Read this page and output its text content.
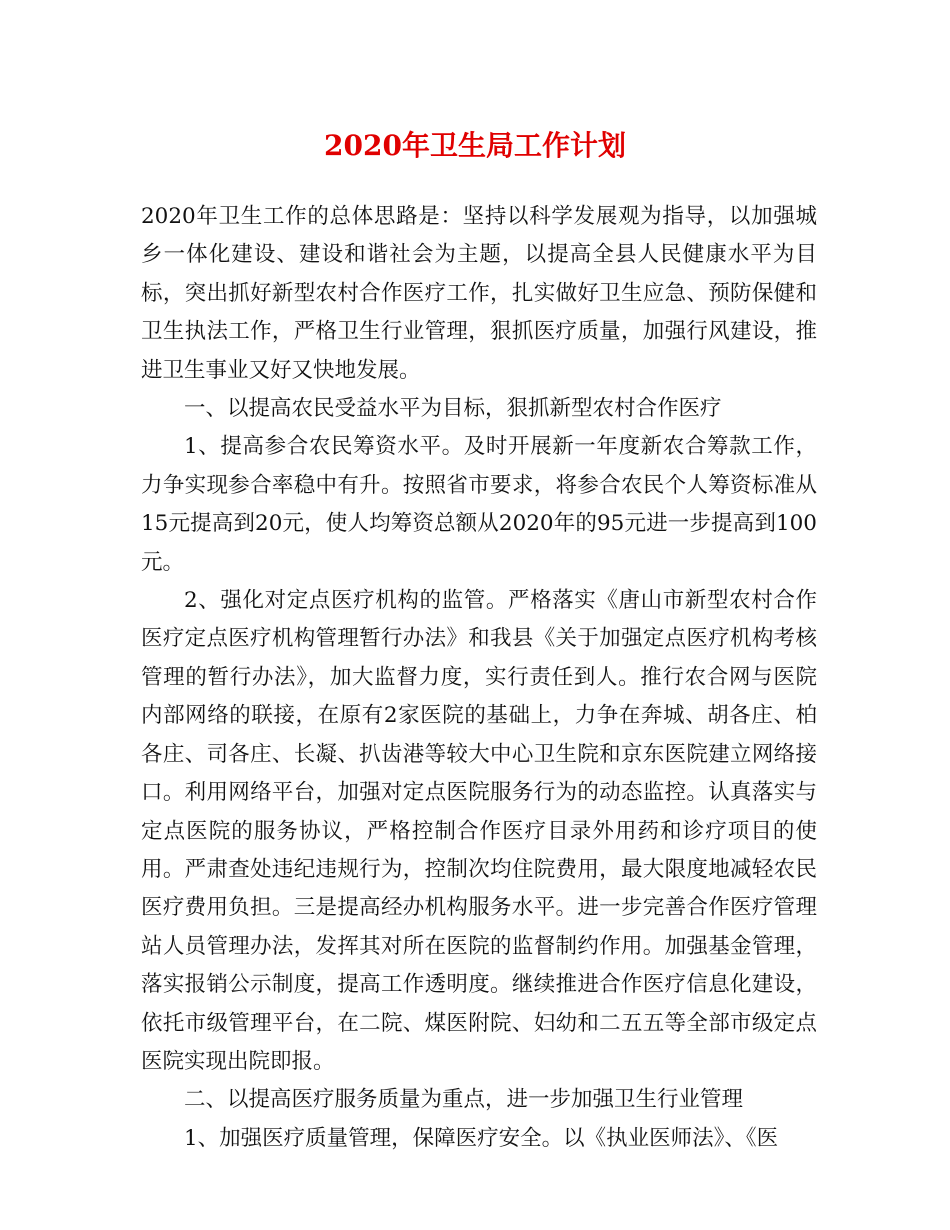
2020年卫生局工作计划

2020年卫生工作的总体思路是：坚持以科学发展观为指导，以加强城乡一体化建设、建设和谐社会为主题，以提高全县人民健康水平为目标，突出抓好新型农村合作医疗工作，扎实做好卫生应急、预防保健和卫生执法工作，严格卫生行业管理，狠抓医疗质量，加强行风建设，推进卫生事业又好又快地发展。

一、以提高农民受益水平为目标，狠抓新型农村合作医疗

1、提高参合农民筹资水平。及时开展新一年度新农合筹款工作，力争实现参合率稳中有升。按照省市要求，将参合农民个人筹资标准从15元提高到20元，使人均筹资总额从2020年的95元进一步提高到100元。

2、强化对定点医疗机构的监管。严格落实《唐山市新型农村合作医疗定点医疗机构管理暂行办法》和我县《关于加强定点医疗机构考核管理的暂行办法》，加大监督力度，实行责任到人。推行农合网与医院内部网络的联接，在原有2家医院的基础上，力争在奔城、胡各庄、柏各庄、司各庄、长凝、扒齿港等较大中心卫生院和京东医院建立网络接口。利用网络平台，加强对定点医院服务行为的动态监控。认真落实与定点医院的服务协议，严格控制合作医疗目录外用药和诊疗项目的使用。严肃查处违纪违规行为，控制次均住院费用，最大限度地减轻农民医疗费用负担。三是提高经办机构服务水平。进一步完善合作医疗管理站人员管理办法，发挥其对所在医院的监督制约作用。加强基金管理，落实报销公示制度，提高工作透明度。继续推进合作医疗信息化建设，依托市级管理平台，在二院、煤医附院、妇幼和二五五等全部市级定点医院实现出院即报。

二、以提高医疗服务质量为重点，进一步加强卫生行业管理

1、加强医疗质量管理，保障医疗安全。以《执业医师法》、《医
